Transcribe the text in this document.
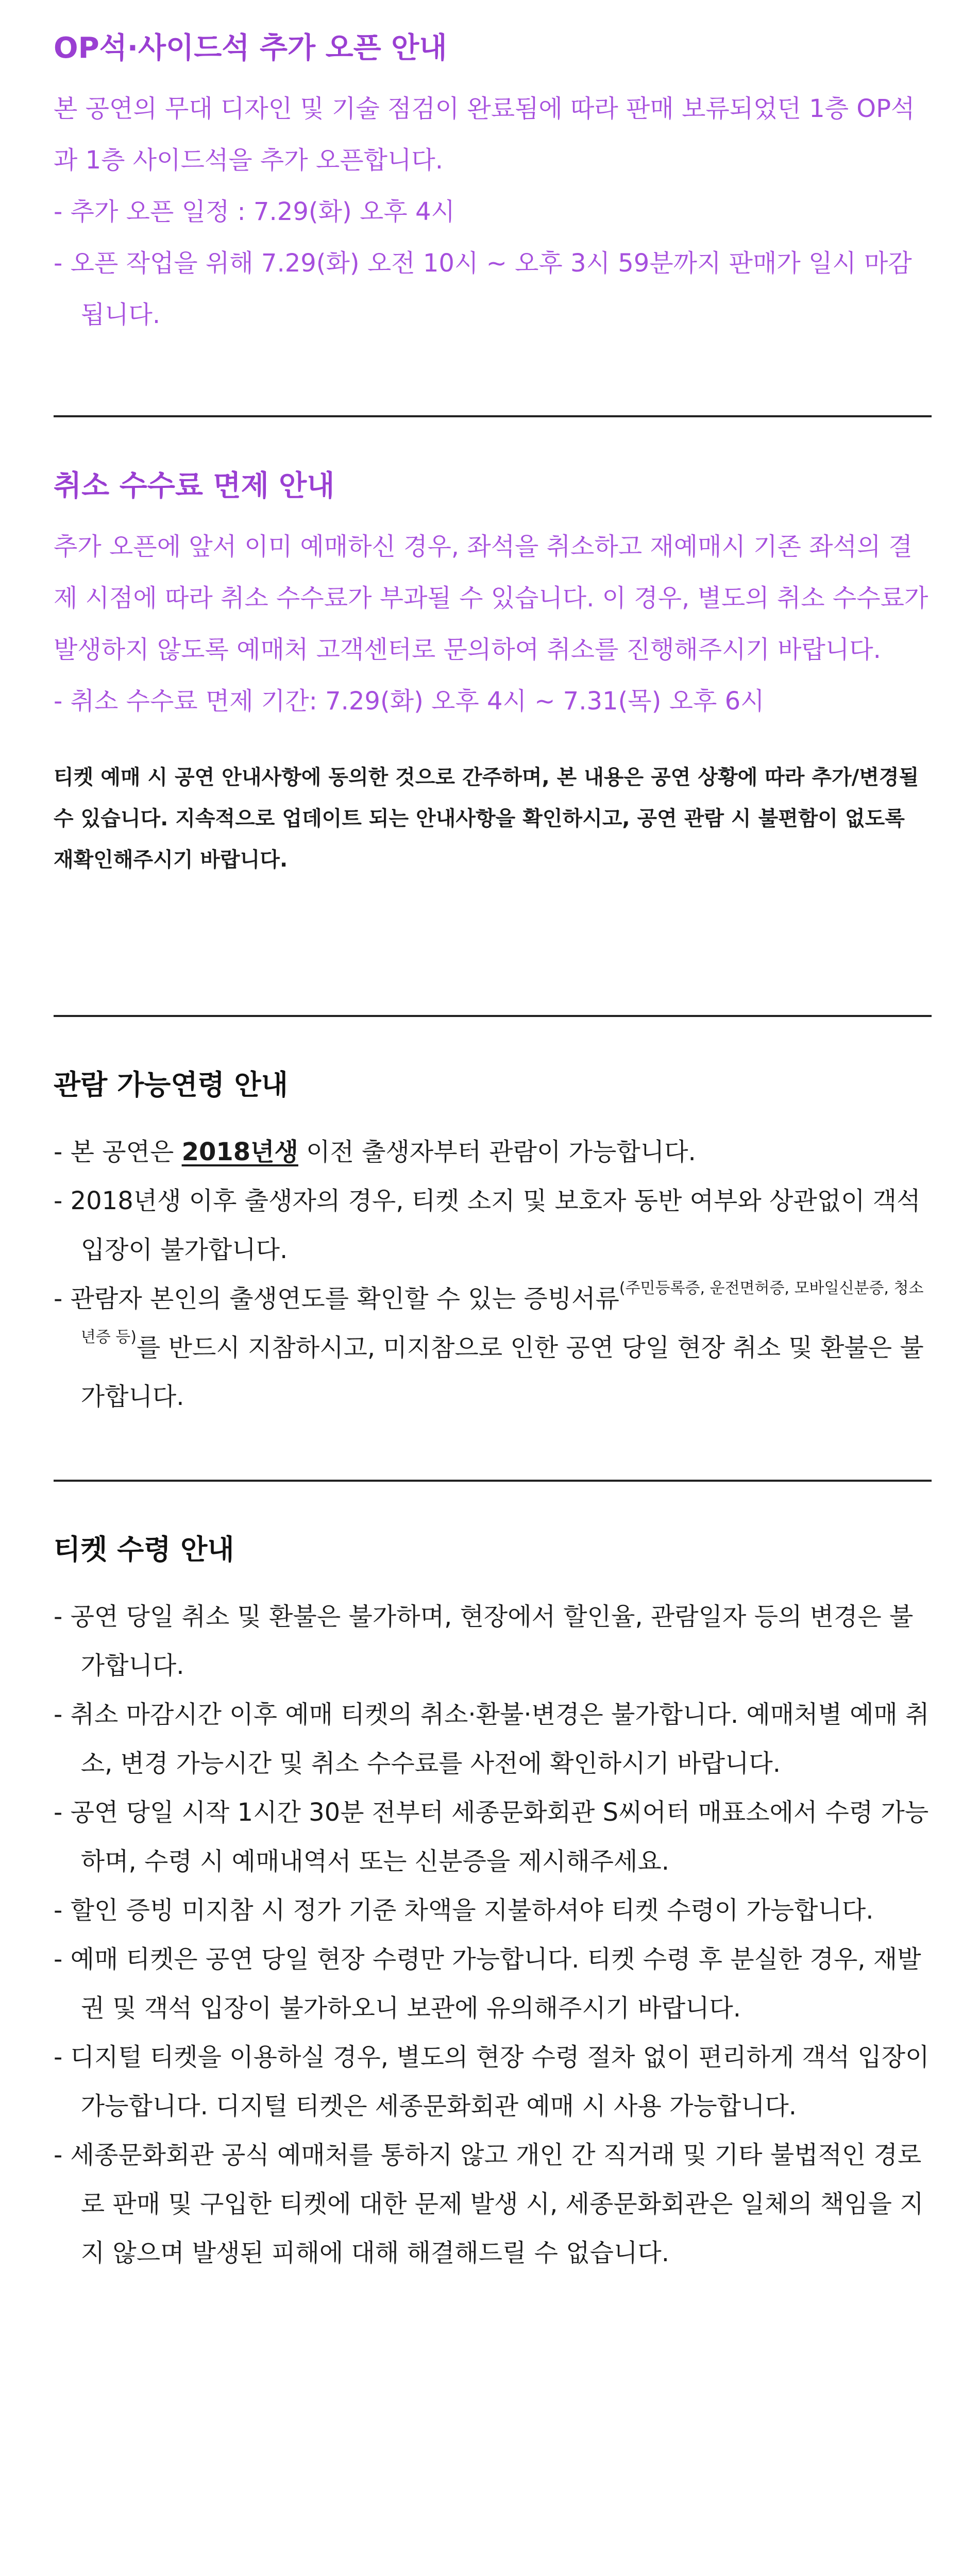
OP석·사이드석 추가 오픈 안내

본 공연의 무대 디자인 및 기술 점검이 완료됨에 따라 판매 보류되었던 1층 OP석과 1층 사이드석을 추가 오픈합니다.

- 추가 오픈 일정 : 7.29(화) 오후 4시

- 오픈 작업을 위해 7.29(화) 오전 10시 ~ 오후 3시 59분까지 판매가 일시 마감됩니다.

취소 수수료 면제 안내

추가 오픈에 앞서 이미 예매하신 경우, 좌석을 취소하고 재예매시 기존 좌석의 결제 시점에 따라 취소 수수료가 부과될 수 있습니다. 이 경우, 별도의 취소 수수료가 발생하지 않도록 예매처 고객센터로 문의하여 취소를 진행해주시기 바랍니다.

- 취소 수수료 면제 기간: 7.29(화) 오후 4시 ~ 7.31(목) 오후 6시

티켓 예매 시 공연 안내사항에 동의한 것으로 간주하며, 본 내용은 공연 상황에 따라 추가/변경될 수 있습니다. 지속적으로 업데이트 되는 안내사항을 확인하시고, 공연 관람 시 불편함이 없도록 재확인해주시기 바랍니다.

관람 가능연령 안내

- 본 공연은 2018년생 이전 출생자부터 관람이 가능합니다.

- 2018년생 이후 출생자의 경우, 티켓 소지 및 보호자 동반 여부와 상관없이 객석 입장이 불가합니다.

- 관람자 본인의 출생연도를 확인할 수 있는 증빙서류$^{(주민등록증, 운전면허증, 모바일신분증, 청소년증 등)}$를 반드시 지참하시고, 미지참으로 인한 공연 당일 현장 취소 및 환불은 불가합니다.

티켓 수령 안내

- 공연 당일 취소 및 환불은 불가하며, 현장에서 할인율, 관람일자 등의 변경은 불가합니다.

- 취소 마감시간 이후 예매 티켓의 취소·환불·변경은 불가합니다. 예매처별 예매 취소, 변경 가능시간 및 취소 수수료를 사전에 확인하시기 바랍니다.

- 공연 당일 시작 1시간 30분 전부터 세종문화회관 S씨어터 매표소에서 수령 가능하며, 수령 시 예매내역서 또는 신분증을 제시해주세요.

- 할인 증빙 미지참 시 정가 기준 차액을 지불하셔야 티켓 수령이 가능합니다.

- 예매 티켓은 공연 당일 현장 수령만 가능합니다. 티켓 수령 후 분실한 경우, 재발권 및 객석 입장이 불가하오니 보관에 유의해주시기 바랍니다.

- 디지털 티켓을 이용하실 경우, 별도의 현장 수령 절차 없이 편리하게 객석 입장이 가능합니다. 디지털 티켓은 세종문화회관 예매 시 사용 가능합니다.

- 세종문화회관 공식 예매처를 통하지 않고 개인 간 직거래 및 기타 불법적인 경로로 판매 및 구입한 티켓에 대한 문제 발생 시, 세종문화회관은 일체의 책임을 지지 않으며 발생된 피해에 대해 해결해드릴 수 없습니다.
